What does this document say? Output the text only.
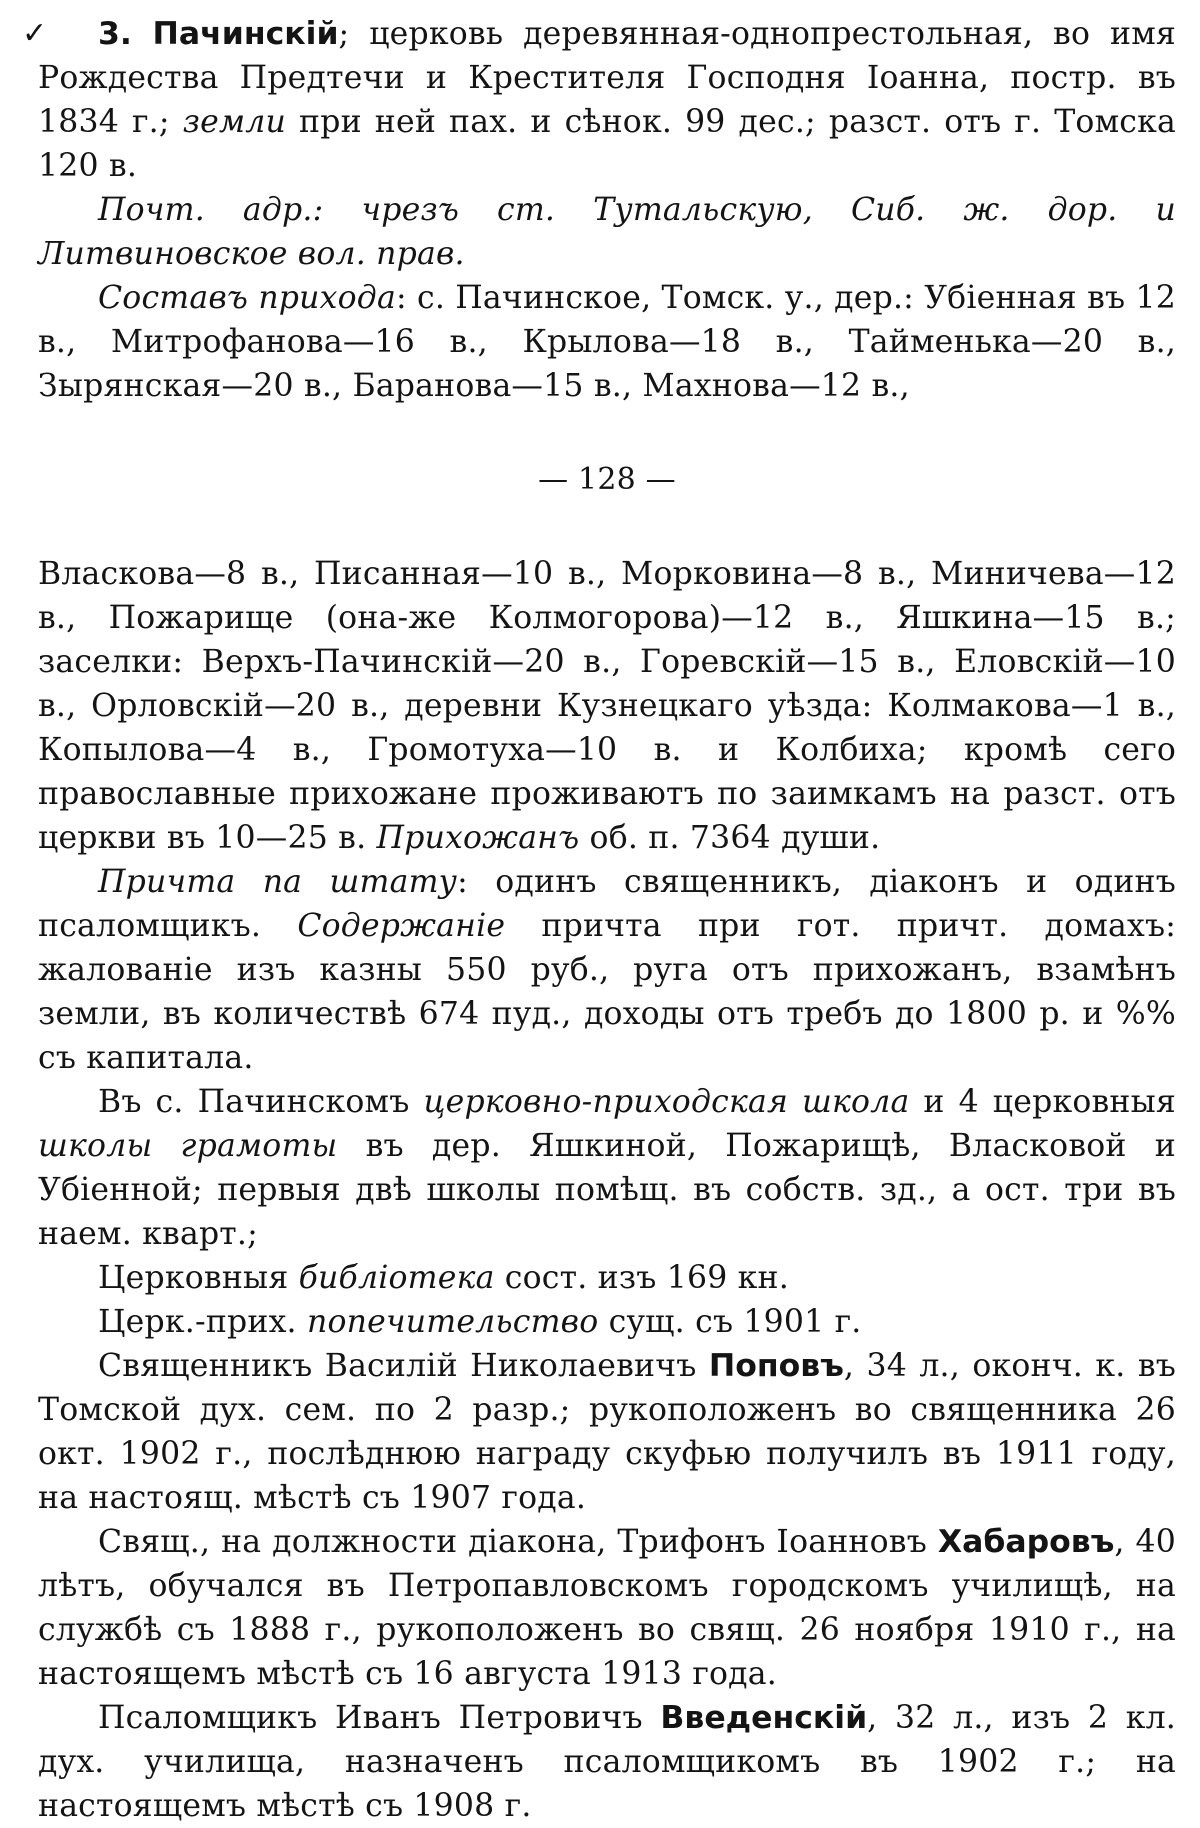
✓	3. Пачинскій; церковь деревянная-однопрестольная, во имя Рождества Предтечи и Крестителя Господня Іоанна, постр. въ 1834 г.; земли при ней пах. и сѣнок. 99 дес.; разст. отъ г. Томска 120 в.

Почт. адр.: чрезъ ст. Тутальскую, Сиб. ж. дор. и Литвиновское вол. прав.

Составъ прихода: с. Пачинское, Томск. у., дер.: Убіенная въ 12 в., Митрофанова—16 в., Крылова—18 в., Тайменька—20 в., Зырянская—20 в., Баранова—15 в., Махнова—12 в.,

— 128 —

Власкова—8 в., Писанная—10 в., Морковина—8 в., Миничева—12 в., Пожарище (она-же Колмогорова)—12 в., Яшкина—15 в.; заселки: Верхъ-Пачинскій—20 в., Горевскій—15 в., Еловскій—10 в., Орловскій—20 в., деревни Кузнецкаго уѣзда: Колмакова—1 в., Копылова—4 в., Громотуха—10 в. и Колбиха; кромѣ сего православные прихожане проживаютъ по заимкамъ на разст. отъ церкви въ 10—25 в. Прихожанъ об. п. 7364 души.

Причта па штату: одинъ священникъ, діаконъ и одинъ псаломщикъ. Содержаніе причта при гот. причт. домахъ: жалованіе изъ казны 550 руб., руга отъ прихожанъ, взамѣнъ земли, въ количествѣ 674 пуд., доходы отъ требъ до 1800 р. и %% съ капитала.

Въ с. Пачинскомъ церковно-приходская школа и 4 церковныя школы грамоты въ дер. Яшкиной, Пожарищѣ, Власковой и Убіенной; первыя двѣ школы помѣщ. въ собств. зд., а ост. три въ наем. кварт.;

Церковныя библіотека сост. изъ 169 кн.

Церк.-прих. попечительство сущ. съ 1901 г.

Священникъ Василій Николаевичъ Поповъ, 34 л., оконч. к. въ Томской дух. сем. по 2 разр.; рукоположенъ во священника 26 окт. 1902 г., послѣднюю награду скуфью получилъ въ 1911 году, на настоящ. мѣстѣ съ 1907 года.

Свящ., на должности діакона, Трифонъ Іоанновъ Хабаровъ, 40 лѣтъ, обучался въ Петропавловскомъ городскомъ училищѣ, на службѣ съ 1888 г., рукоположенъ во свящ. 26 ноября 1910 г., на настоящемъ мѣстѣ съ 16 августа 1913 года.

Псаломщикъ Иванъ Петровичъ Введенскій, 32 л., изъ 2 кл. дух. училища, назначенъ псаломщикомъ въ 1902 г.; на настоящемъ мѣстѣ съ 1908 г.
